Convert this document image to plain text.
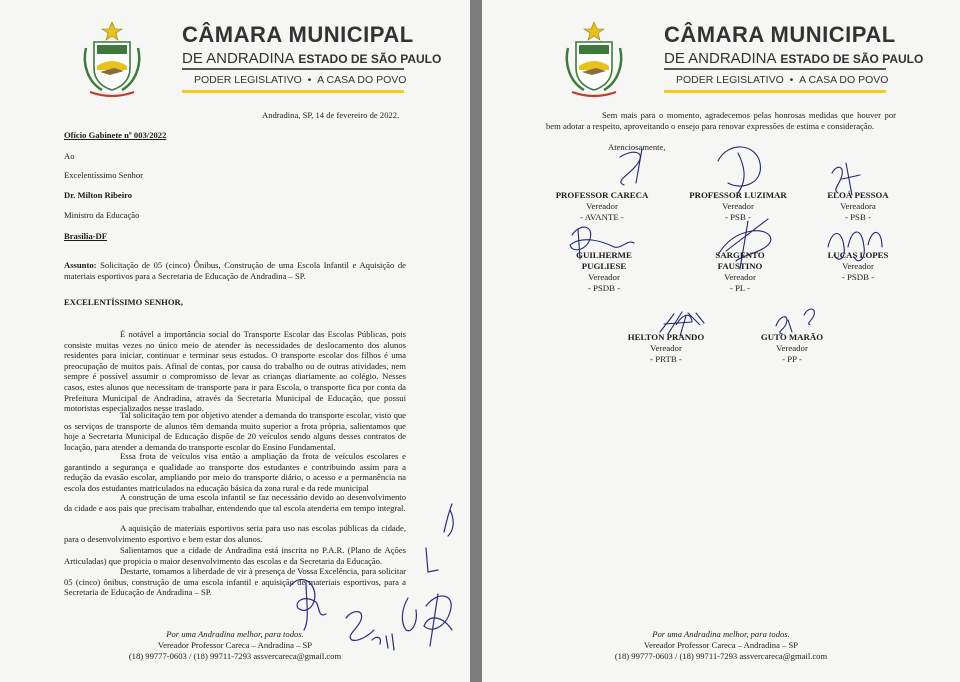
CÂMARA MUNICIPAL
DE ANDRADINA ESTADO DE SÃO PAULO
PODER LEGISLATIVO • A CASA DO POVO
Andradina, SP, 14 de fevereiro de 2022.
Ofício Gabinete nº 003/2022
Ao
Excelentíssimo Senhor
Dr. Milton Ribeiro
Ministro da Educação
Brasília-DF
Assunto: Solicitação de 05 (cinco) Ônibus, Construção de uma Escola Infantil e Aquisição de materiais esportivos para a Secretaria de Educação de Andradina – SP.
EXCELENTÍSSIMO SENHOR,
É notável a importância social do Transporte Escolar das Escolas Públicas, pois consiste muitas vezes no único meio de atender às necessidades de deslocamento dos alunos residentes para iniciar, continuar e terminar seus estudos. O transporte escolar dos filhos é uma preocupação de muitos pais. Afinal de contas, por causa do trabalho ou de outras atividades, nem sempre é possível assumir o compromisso de levar as crianças diariamente ao colégio. Nesses casos, estes alunos que necessitam de transporte para ir para Escola, o transporte fica por conta da Prefeitura Municipal de Andradina, através da Secretaria Municipal de Educação, que possui motoristas especializados nesse traslado.
Tal solicitação tem por objetivo atender a demanda do transporte escolar, visto que os serviços de transporte de alunos têm demanda muito superior a frota própria, salientamos que hoje a Secretaria Municipal de Educação dispõe de 20 veículos sendo alguns desses contratos de locação, para atender a demanda do transporte escolar do Ensino Fundamental.
Essa frota de veículos visa então a ampliação da frota de veículos escolares e garantindo a segurança e qualidade ao transporte dos estudantes e contribuindo assim para a redução da evasão escolar, ampliando por meio do transporte diário, o acesso e a permanência na escola dos estudantes matriculados na educação básica da zona rural e da rede municipal
A construção de uma escola infantil se faz necessário devido ao desenvolvimento da cidade e aos pais que precisam trabalhar, entendendo que tal escola atenderia em tempo integral.
A aquisição de materiais esportivos seria para uso nas escolas públicas da cidade, para o desenvolvimento esportivo e bem estar dos alunos.
Salientamos que a cidade de Andradina está inscrita no P.A.R. (Plano de Ações Articuladas) que propicia o maior desenvolvimento das escolas e da Secretaria da Educação.
Destarte, tomamos a liberdade de vir à presença de Vossa Excelência, para solicitar 05 (cinco) ônibus, construção de uma escola infantil e aquisição de materiais esportivos, para a Secretaria de Educação de Andradina – SP.
Por uma Andradina melhor, para todos.
Vereador Professor Careca – Andradina – SP
(18) 99777-0603 / (18) 99711-7293 assvercareca@gmail.com
CÂMARA MUNICIPAL
DE ANDRADINA ESTADO DE SÃO PAULO
PODER LEGISLATIVO • A CASA DO POVO
Sem mais para o momento, agradecemos pelas honrosas medidas que houver por bem adotar a respeito, aproveitando o ensejo para renovar expressões de estima e consideração.
Atenciosamente,
PROFESSOR CARECA
Vereador
- AVANTE -
PROFESSOR LUZIMAR
Vereador
- PSB -
ELOÁ PESSOA
Vereadora
- PSB -
GUILHERME PUGLIESE
Vereador
- PSDB -
SARGENTO FAUSTINO
Vereador
- PL -
LUCAS LOPES
Vereador
- PSDB -
HELTON PRANDO
Vereador
- PRTB -
GUTO MARÃO
Vereador
- PP -
Por uma Andradina melhor, para todos.
Vereador Professor Careca – Andradina – SP
(18) 99777-0603 / (18) 99711-7293 assvercareca@gmail.com
